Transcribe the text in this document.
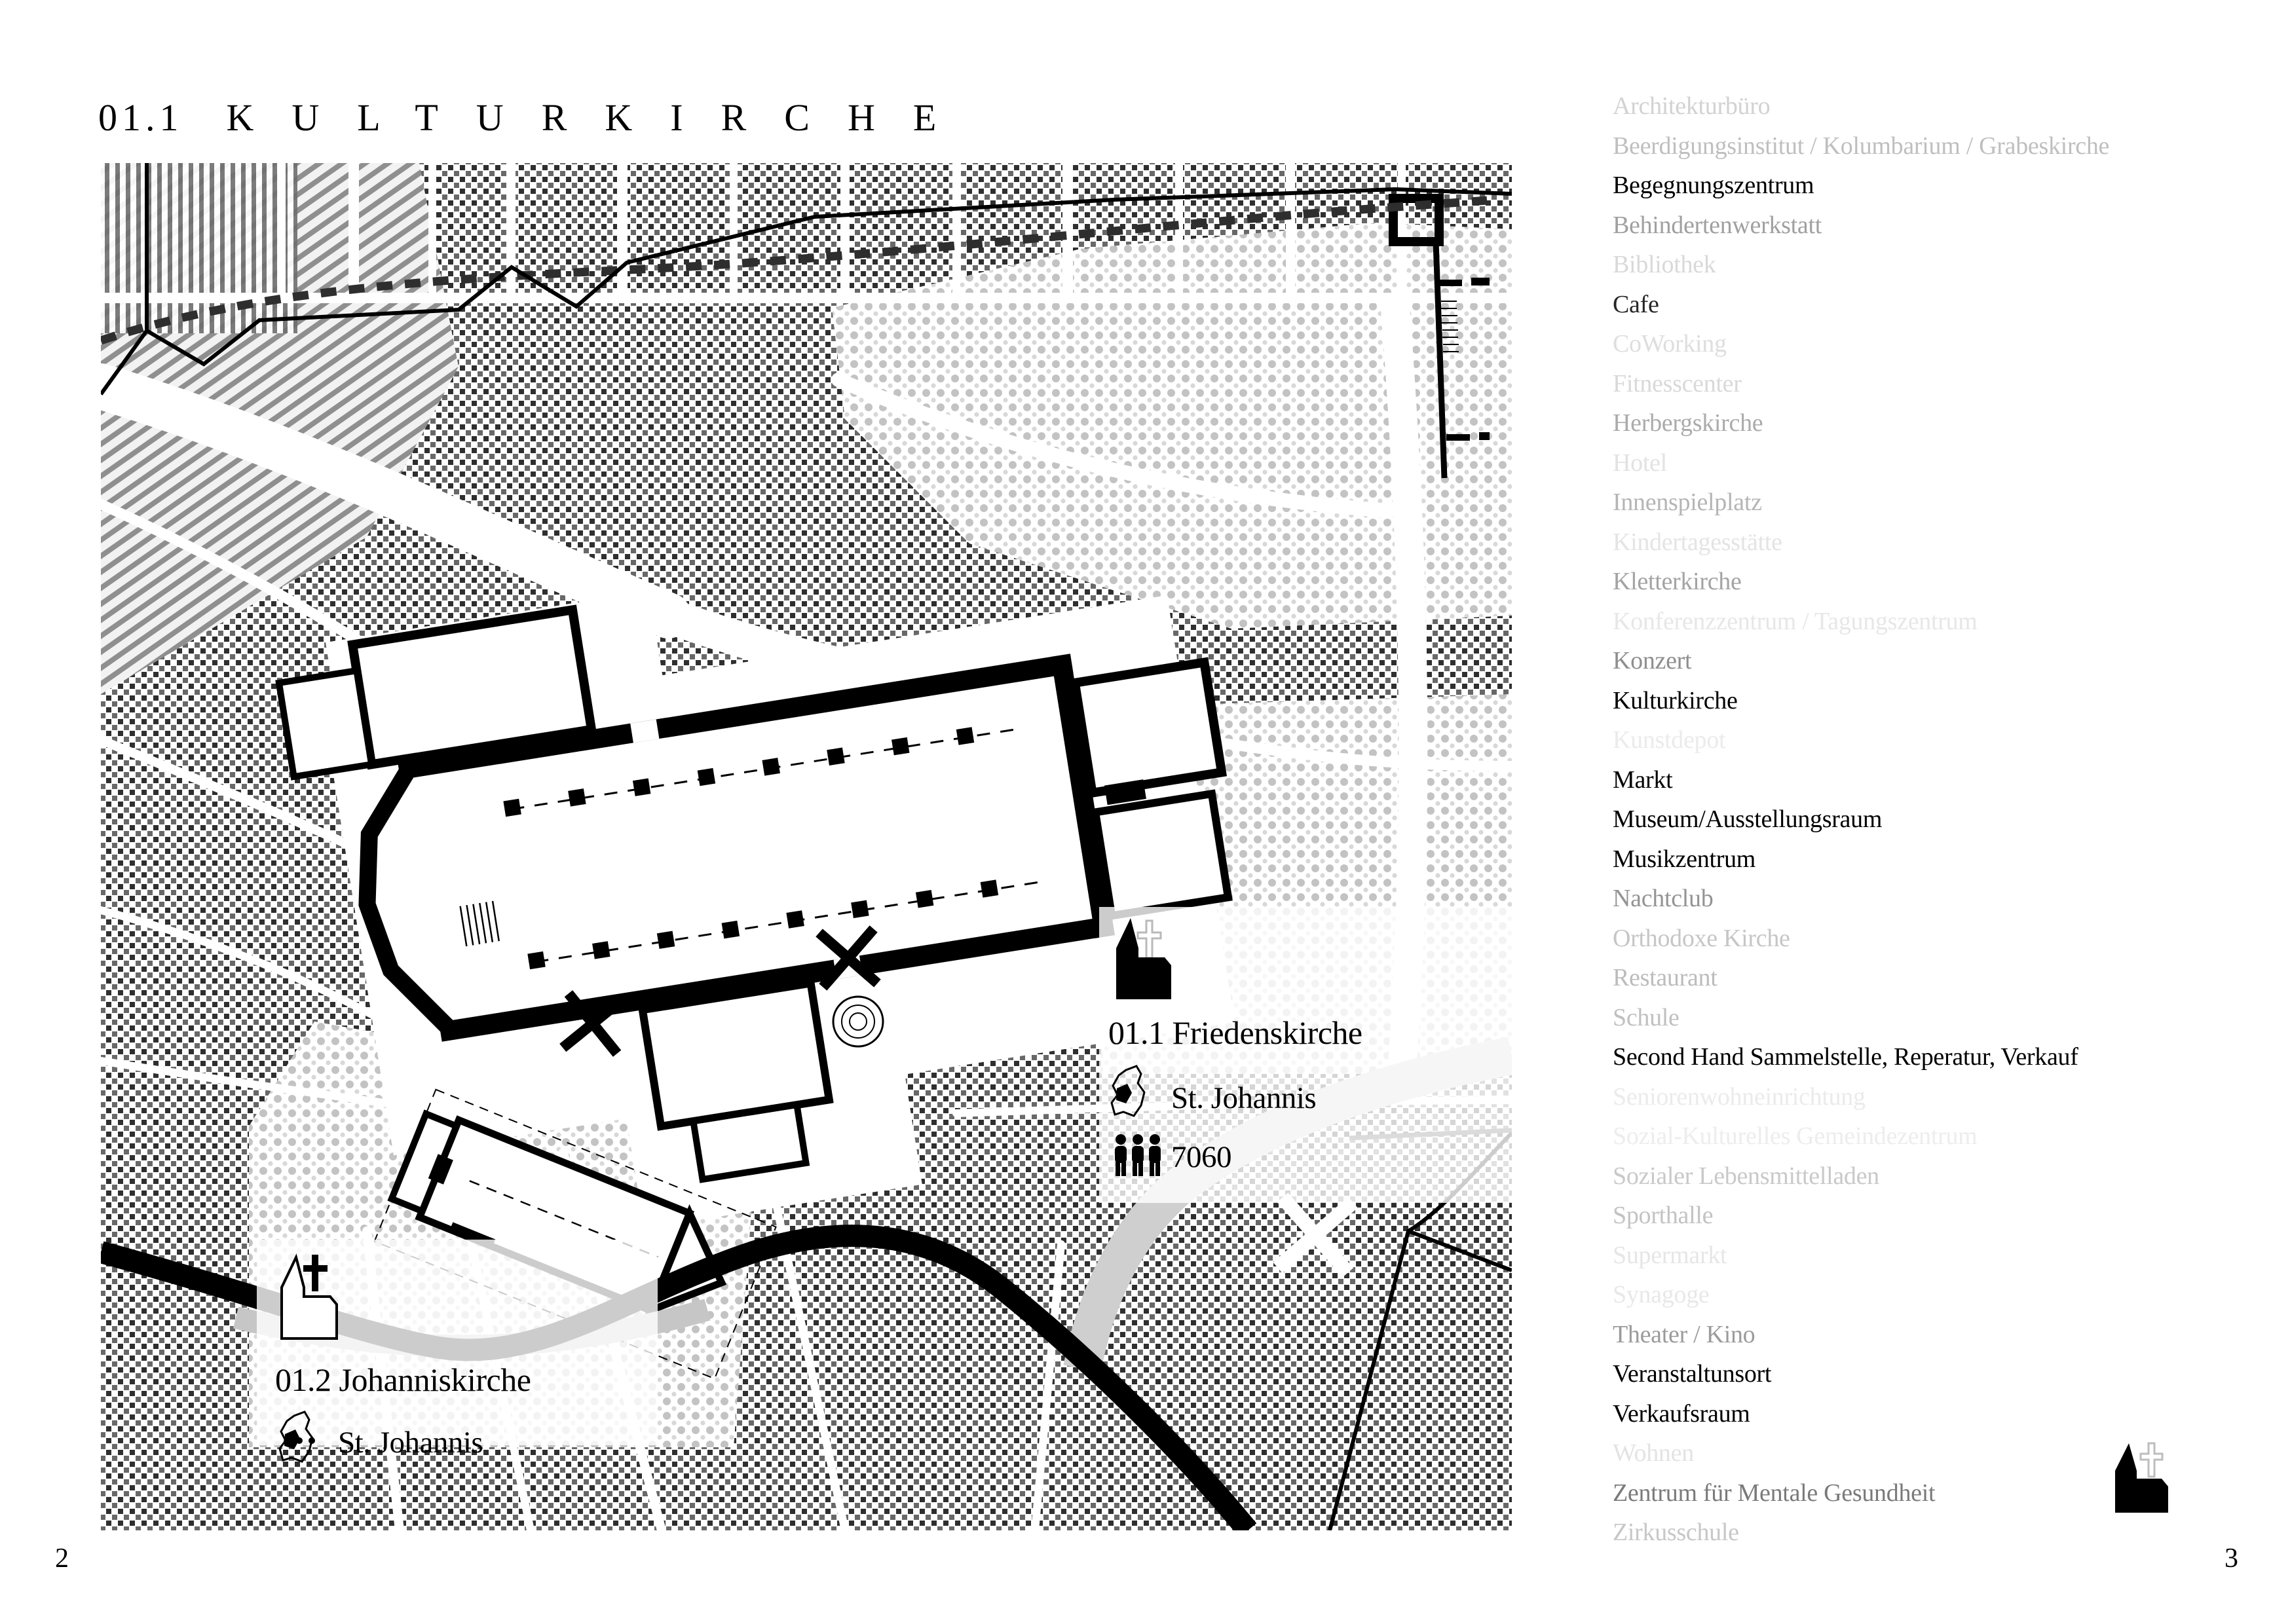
01.1 KULTURKIRCHE	Architekturbüro
Beerdigungsinstitut / Kolumbarium / Grabeskirche
Begegnungszentrum
Behindertenwerkstatt
Bibliothek
Cafe
CoWorking
Fitnesscenter
Herbergskirche
Hotel
Innenspielplatz
Kindertagesstätte
Kletterkirche
Konferenzzentrum / Tagungszentrum
Konzert
Kulturkirche
Kunstdepot
Markt
Museum/Ausstellungsraum
Musikzentrum
Nachtclub
Orthodoxe Kirche
Restaurant
Schule
Second Hand Sammelstelle, Reperatur, Verkauf
Seniorenwohneinrichtung
Sozial-Kulturelles Gemeindezentrum
Sozialer Lebensmittelladen
Sporthalle
Supermarkt
Synagoge
Theater / Kino
Veranstaltunsort
Verkaufsraum
Wohnen
Zentrum für Mentale Gesundheit
Zirkusschule
01.1 Friedenskirche
St. Johannis
7060
01.2 Johanniskirche
St. Johannis
2	3
